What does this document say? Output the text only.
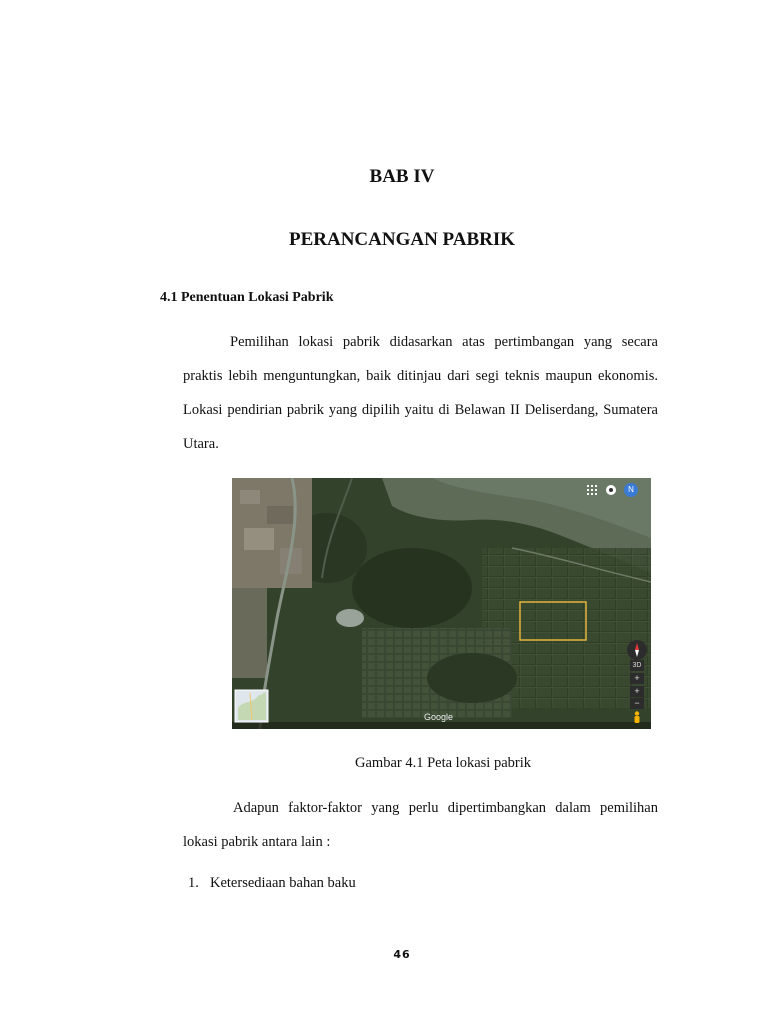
BAB IV
PERANCANGAN PABRIK
4.1 Penentuan Lokasi Pabrik
Pemilihan lokasi pabrik didasarkan atas pertimbangan yang secara praktis lebih menguntungkan, baik ditinjau dari segi teknis maupun ekonomis. Lokasi pendirian pabrik yang dipilih yaitu di Belawan II Deliserdang, Sumatera Utara.
N
3D
+
+
−
Google
Gambar 4.1 Peta lokasi pabrik
Adapun faktor-faktor yang perlu dipertimbangkan dalam pemilihan lokasi pabrik antara lain :
1. Ketersediaan bahan baku
46
